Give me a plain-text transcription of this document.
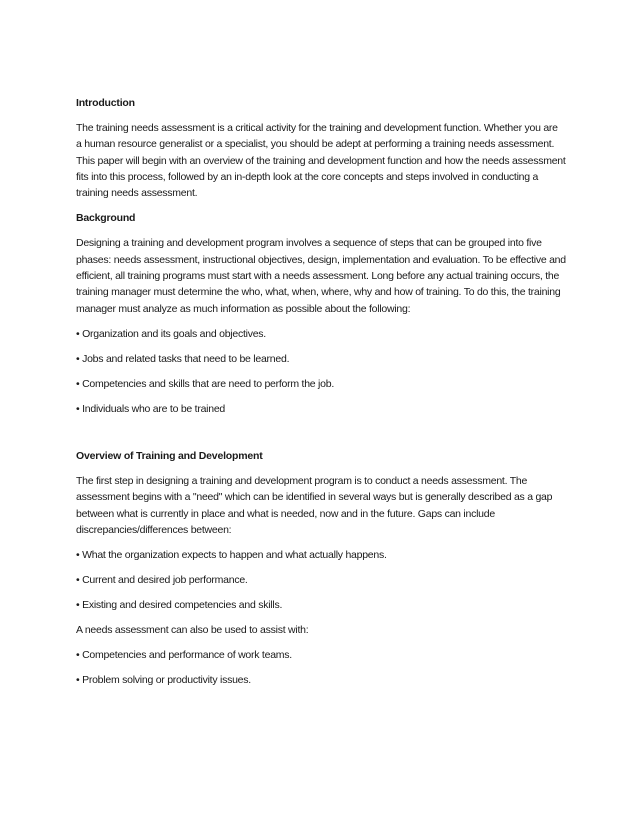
Introduction
The training needs assessment is a critical activity for the training and development function. Whether you are a human resource generalist or a specialist, you should be adept at performing a training needs assessment. This paper will begin with an overview of the training and development function and how the needs assessment fits into this process, followed by an in-depth look at the core concepts and steps involved in conducting a training needs assessment.
Background
Designing a training and development program involves a sequence of steps that can be grouped into five phases: needs assessment, instructional objectives, design, implementation and evaluation. To be effective and efficient, all training programs must start with a needs assessment. Long before any actual training occurs, the training manager must determine the who, what, when, where, why and how of training. To do this, the training manager must analyze as much information as possible about the following:
• Organization and its goals and objectives.
• Jobs and related tasks that need to be learned.
• Competencies and skills that are need to perform the job.
• Individuals who are to be trained
Overview of Training and Development
The first step in designing a training and development program is to conduct a needs assessment. The assessment begins with a "need" which can be identified in several ways but is generally described as a gap between what is currently in place and what is needed, now and in the future. Gaps can include discrepancies/differences between:
• What the organization expects to happen and what actually happens.
• Current and desired job performance.
• Existing and desired competencies and skills.
A needs assessment can also be used to assist with:
• Competencies and performance of work teams.
• Problem solving or productivity issues.
